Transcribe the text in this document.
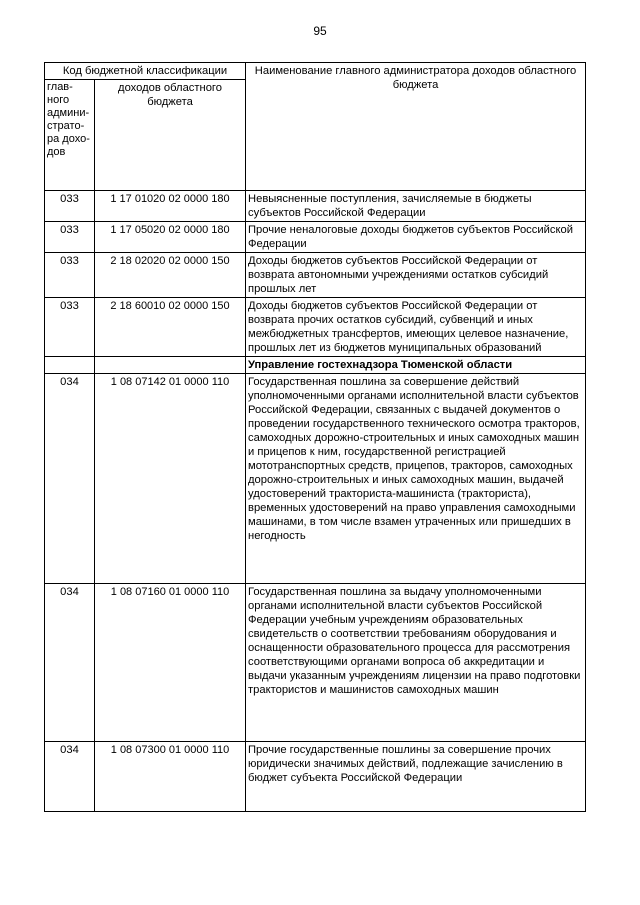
95
Код бюджетной классификации		Наименование главного администратора доходов областного бюджета
глав-ного админи-страто-ра дохо-дов	доходов областного бюджета	
033	1 17 01020 02 0000 180	Невыясненные поступления, зачисляемые в бюджеты субъектов Российской Федерации
033	1 17 05020 02 0000 180	Прочие неналоговые доходы бюджетов субъектов Российской Федерации
033	2 18 02020 02 0000 150	Доходы бюджетов субъектов Российской Федерации от возврата автономными учреждениями остатков субсидий прошлых лет
033	2 18 60010 02 0000 150	Доходы бюджетов субъектов Российской Федерации от возврата прочих остатков субсидий, субвенций и иных межбюджетных трансфертов, имеющих целевое назначение, прошлых лет из бюджетов муниципальных образований
		Управление гостехнадзора Тюменской области
034	1 08 07142 01 0000 110	Государственная пошлина за совершение действий уполномоченными органами исполнительной власти субъектов Российской Федерации, связанных с выдачей документов о проведении государственного технического осмотра тракторов, самоходных дорожно-строительных и иных самоходных машин и прицепов к ним, государственной регистрацией мототранспортных средств, прицепов, тракторов, самоходных дорожно-строительных и иных самоходных машин, выдачей удостоверений тракториста-машиниста (тракториста), временных удостоверений на право управления самоходными машинами, в том числе взамен утраченных или пришедших в негодность
034	1 08 07160 01 0000 110	Государственная пошлина за выдачу уполномоченными органами исполнительной власти субъектов Российской Федерации учебным учреждениям образовательных свидетельств о соответствии требованиям оборудования и оснащенности образовательного процесса для рассмотрения соответствующими органами вопроса об аккредитации и выдачи указанным учреждениям лицензии на право подготовки трактористов и машинистов самоходных машин
034	1 08 07300 01 0000 110	Прочие государственные пошлины за совершение прочих юридически значимых действий, подлежащие зачислению в бюджет субъекта Российской Федерации
